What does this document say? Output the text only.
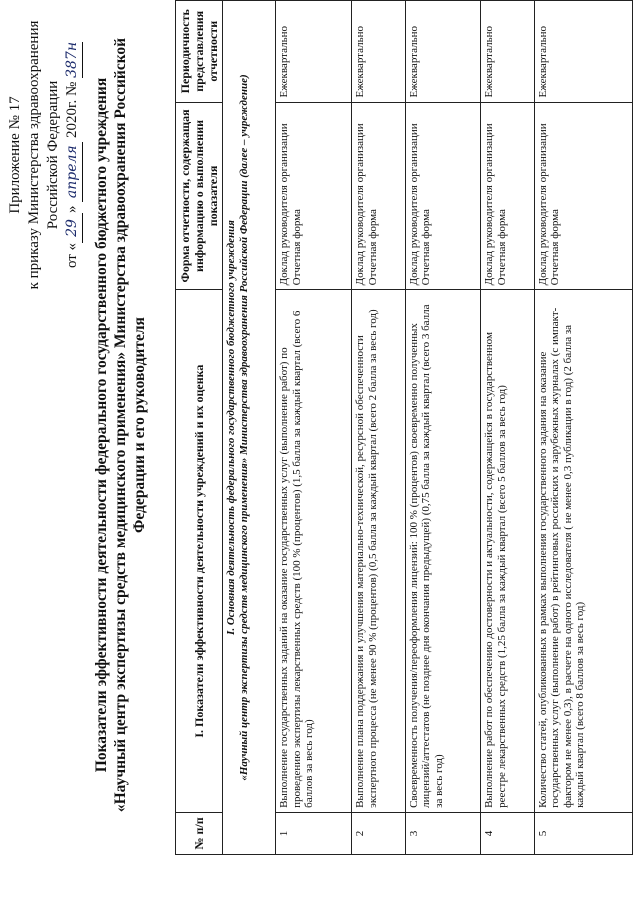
Приложение № 17 к приказу Министерства здравоохранения Российской Федерации
от «29» апреля 2020г. № 387н
Показатели эффективности деятельности федерального государственного бюджетного учреждения «Научный центр экспертизы средств медицинского применения» Министерства здравоохранения Российской Федерации и его руководителя
№ п/п	I. Показатели эффективности деятельности учреждений и их оценка	Форма отчетности, содержащая информацию о выполнении показателя	Периодичность представления отчетности

I. Основная деятельность федерального государственного бюджетного учреждения «Научный центр экспертизы средств медицинского применения» Министерства здравоохранения Российской Федерации (далее – учреждение)			

1	Выполнение государственных заданий на оказание государственных услуг (выполнение работ) по проведению экспертизы лекарственных средств (100 % (процентов) (1,5 балла за каждый квартал (всего 6 баллов за весь год)	Доклад руководителя организации Отчетная форма	Ежеквартально
2	Выполнение плана поддержания и улучшения материально-технической, ресурсной обеспеченности экспертного процесса (не менее 90 % (процентов) (0,5 балла за каждый квартал (всего 2 балла за весь год)	Доклад руководителя организации Отчетная форма	Ежеквартально
3	Своевременность получения/переоформления лицензий: 100 % (процентов) своевременно полученных лицензий/аттестатов (не позднее дня окончания предыдущей) (0,75 балла за каждый квартал (всего 3 балла за весь год)	Доклад руководителя организации Отчетная форма	Ежеквартально
4	Выполнение работ по обеспечению достоверности и актуальности, содержащейся в государственном реестре лекарственных средств (1,25 балла за каждый квартал (всего 5 баллов за весь год)	Доклад руководителя организации Отчетная форма	Ежеквартально
5	Количество статей, опубликованных в рамках выполнения государственного задания на оказание государственных услуг (выполнение работ) в рейтинговых российских и зарубежных журналах (с импакт-фактором не менее 0,3), в расчете на одного исследователя ( не менее 0,3 публикации в год) (2 балла за каждый квартал (всего 8 баллов за весь год)	Доклад руководителя организации Отчетная форма	Ежеквартально
